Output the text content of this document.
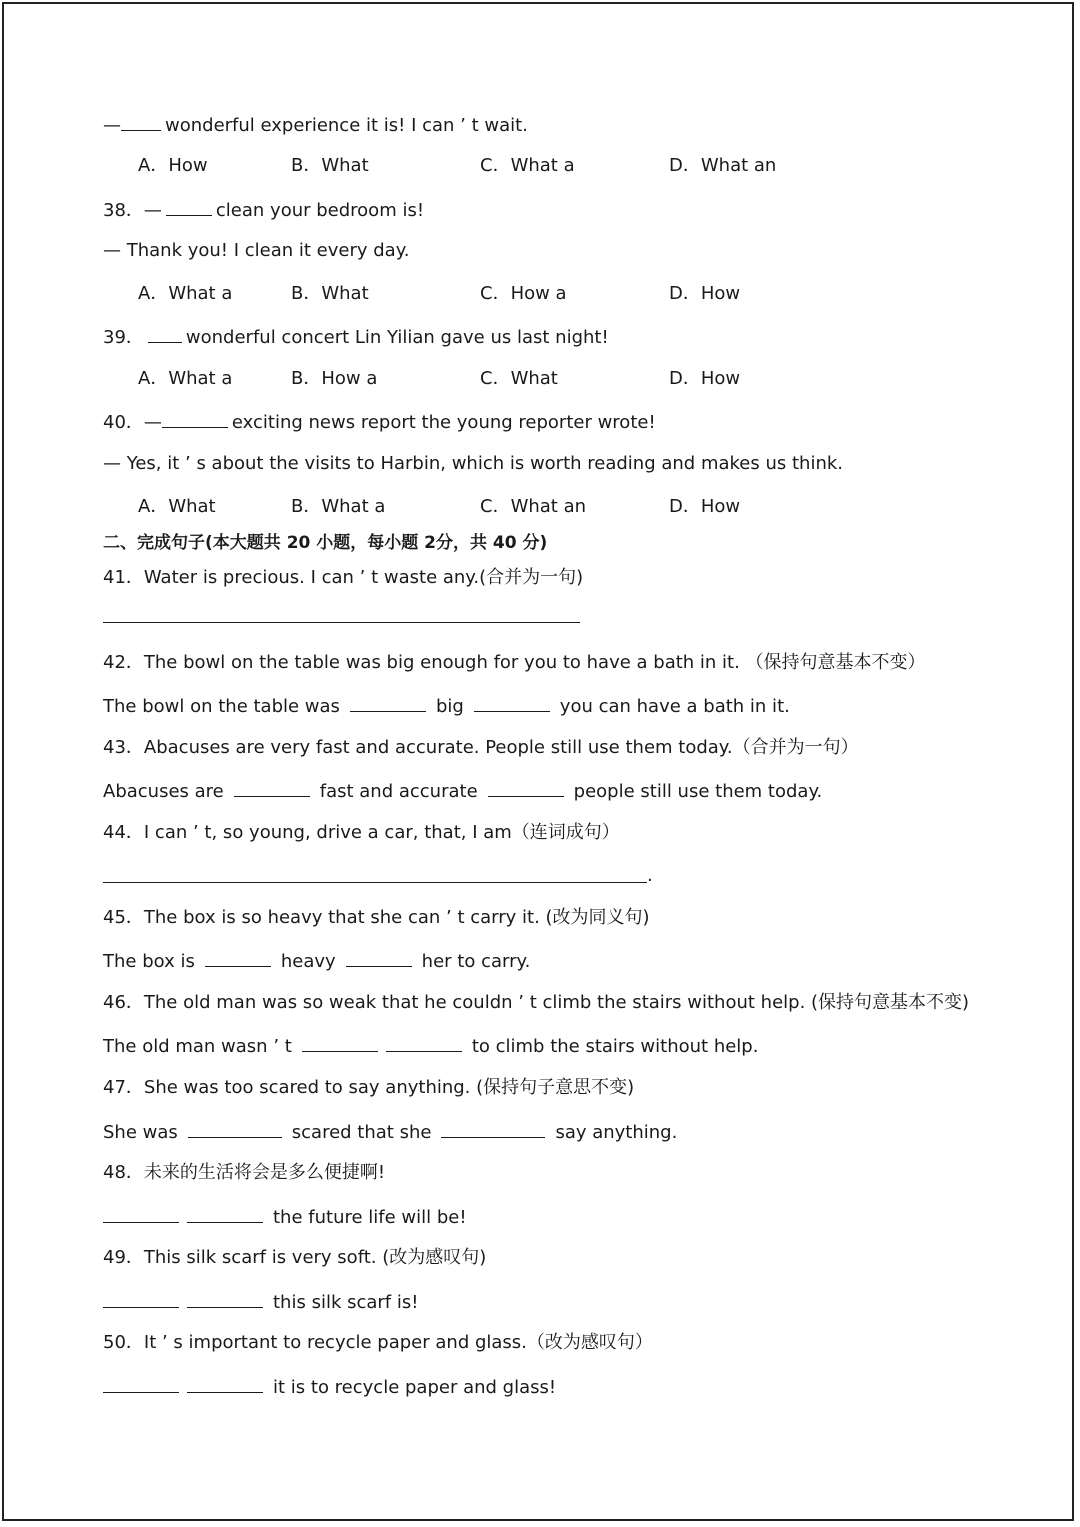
— wonderful experience it is! I can ’ t wait.
A．How	B．What	C．What a	D．What an
38．—	clean your bedroom is!
— Thank you! I clean it every day.
A．What a	B．What	C．How a	D．How
39． wonderful concert Lin Yilian gave us last night!
A．What a	B．How a	C．What	D．How
40．—	exciting news report the young reporter wrote!
— Yes, it ’ s about the visits to Harbin, which is worth reading and makes us think.
A．What	B．What a	C．What an	D．How
二、完成句子(本大题共 20 小题，每小题 2分，共 40 分)
41．Water is precious. I can ’ t waste any.(合并为一句)
42．The bowl on the table was big enough for you to have a bath in it. （保持句意基本不变）
The bowl on the table was	big	you can have a bath in it.
43．Abacuses are very fast and accurate. People still use them today.（合并为一句）
Abacuses are	fast and accurate	people still use them today.
44．I can ’ t, so young, drive a car, that, I am（连词成句）
.
45．The box is so heavy that she can ’ t carry it. (改为同义句)
The box is	heavy	her to carry.
46．The old man was so weak that he couldn ’ t climb the stairs without help. (保持句意基本不变)
The old man wasn ’ t	to climb the stairs without help.
47．She was too scared to say anything. (保持句子意思不变)
She was	scared that she	say anything.
48．未来的生活将会是多么便捷啊!
the future life will be!
49．This silk scarf is very soft. (改为感叹句)
this silk scarf is!
50．It ’ s important to recycle paper and glass.（改为感叹句）
it is to recycle paper and glass!
